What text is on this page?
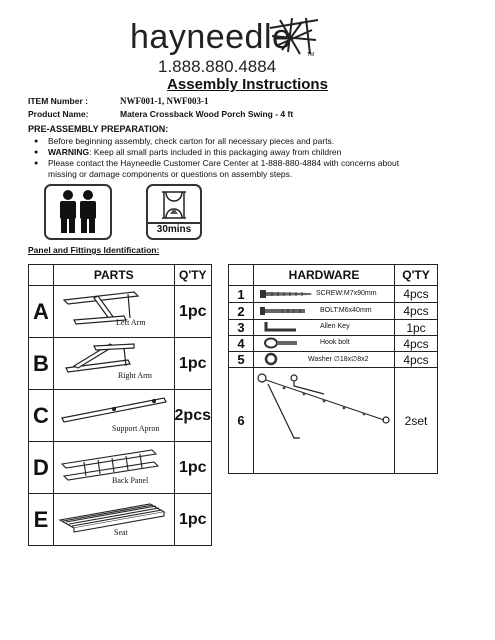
hayneedle	TM
1.888.880.4884
Assembly Instructions
ITEM Number :	NWF001-1, NWF003-1
Product Name:	Matera Crossback Wood Porch Swing - 4 ft
PRE-ASSEMBLY PREPARATION:
● Before beginning assembly, check carton for all necessary pieces and parts.
● WARNING: Keep all small parts included in this packaging away from children
● Please contact the Hayneedle Customer Care Center at 1-888-880-4884 with concerns about
missing or damage components or questions on assembly steps.
30mins
Panel and Fittings Identification:
	PARTS	Q'TY
A	Left Arm	1pc
B	Right Arm	1pc
C	Support Apron	2pcs
D	Back Panel	1pc
E	Seat	1pc
	HARDWARE	Q'TY
1	SCREW:M7x90mm	4pcs
2	BOLT:M6x40mm	4pcs
3	Allen Key	1pc
4	Hook bolt	4pcs
5	Washer ∅18x∅8x2	4pcs
6		2set
